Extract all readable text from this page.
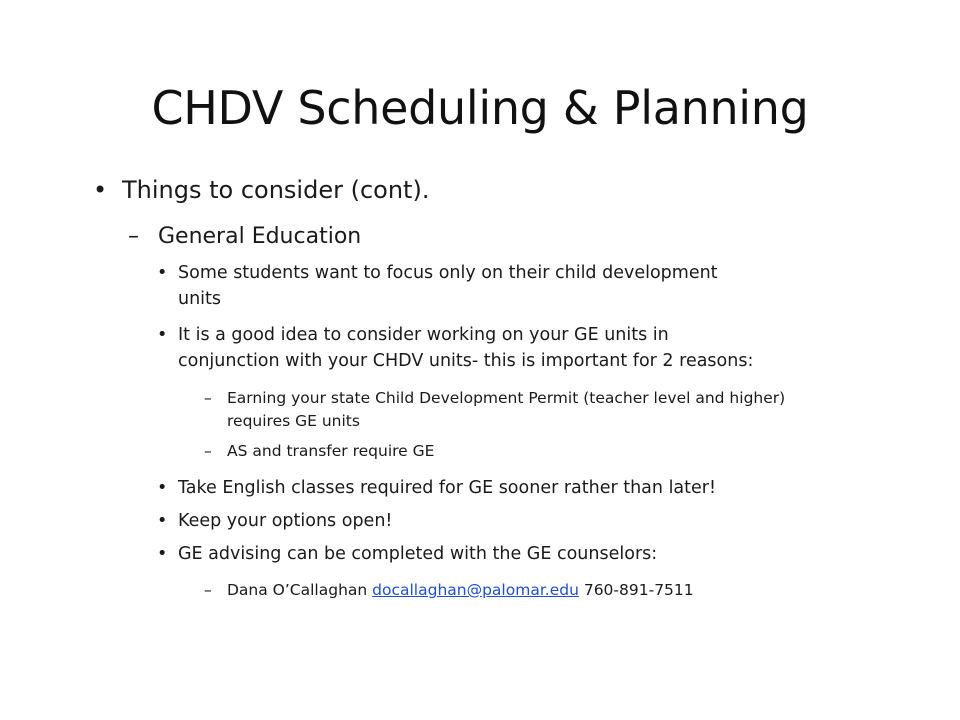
CHDV Scheduling & Planning
• Things to consider (cont).
– General Education
• Some students want to focus only on their child development
units
• It is a good idea to consider working on your GE units in
conjunction with your CHDV units- this is important for 2 reasons:
– Earning your state Child Development Permit (teacher level and higher)
requires GE units
– AS and transfer require GE
• Take English classes required for GE sooner rather than later!
• Keep your options open!
• GE advising can be completed with the GE counselors:
– Dana O’Callaghan docallaghan@palomar.edu 760-891-7511
